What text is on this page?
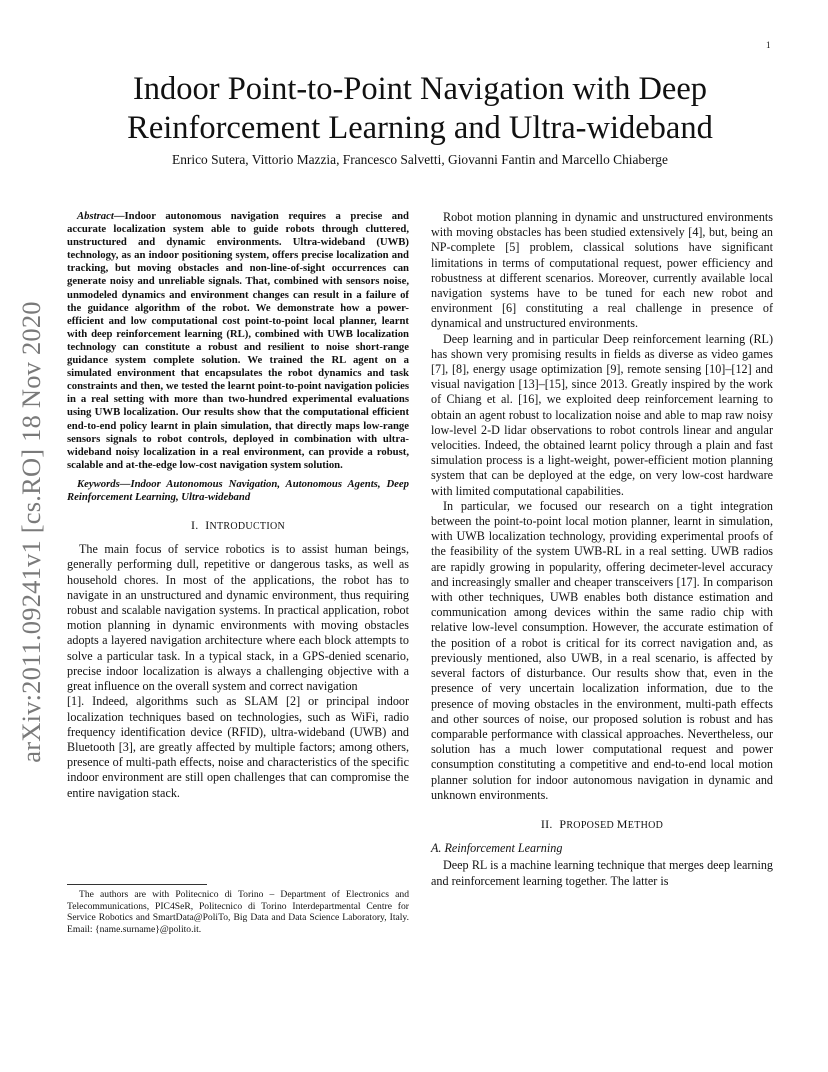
1
arXiv:2011.09241v1 [cs.RO] 18 Nov 2020
Indoor Point-to-Point Navigation with Deep Reinforcement Learning and Ultra-wideband
Enrico Sutera, Vittorio Mazzia, Francesco Salvetti, Giovanni Fantin and Marcello Chiaberge

Abstract—Indoor autonomous navigation requires a precise and accurate localization system able to guide robots through cluttered, unstructured and dynamic environments. Ultra-wideband (UWB) technology, as an indoor positioning system, offers precise localization and tracking, but moving obstacles and non-line-of-sight occurrences can generate noisy and unreliable signals. That, combined with sensors noise, unmodeled dynamics and environment changes can result in a failure of the guidance algorithm of the robot. We demonstrate how a power-efficient and low computational cost point-to-point local planner, learnt with deep reinforcement learning (RL), combined with UWB localization technology can constitute a robust and resilient to noise short-range guidance system complete solution. We trained the RL agent on a simulated environment that encapsulates the robot dynamics and task constraints and then, we tested the learnt point-to-point navigation policies in a real setting with more than two-hundred experimental evaluations using UWB localization. Our results show that the computational efficient end-to-end policy learnt in plain simulation, that directly maps low-range sensors signals to robot controls, deployed in combination with ultra-wideband noisy localization in a real environment, can provide a robust, scalable and at-the-edge low-cost navigation system solution.

Keywords—Indoor Autonomous Navigation, Autonomous Agents, Deep Reinforcement Learning, Ultra-wideband

I. INTRODUCTION

The main focus of service robotics is to assist human beings, generally performing dull, repetitive or dangerous tasks, as well as household chores. In most of the applications, the robot has to navigate in an unstructured and dynamic environment, thus requiring robust and scalable navigation systems. In practical application, robot motion planning in dynamic environments with moving obstacles adopts a layered navigation architecture where each block attempts to solve a particular task. In a typical stack, in a GPS-denied scenario, precise indoor localization is always a challenging objective with a great influence on the overall system and correct navigation

[1]. Indeed, algorithms such as SLAM [2] or principal indoor localization techniques based on technologies, such as WiFi, radio frequency identification device (RFID), ultra-wideband (UWB) and Bluetooth [3], are greatly affected by multiple factors; among others, presence of multi-path effects, noise and characteristics of the specific indoor environment are still open challenges that can compromise the entire navigation stack.

The authors are with Politecnico di Torino – Department of Electronics and Telecommunications, PIC4SeR, Politecnico di Torino Interdepartmental Centre for Service Robotics and SmartData@PoliTo, Big Data and Data Science Laboratory, Italy. Email: {name.surname}@polito.it.

Robot motion planning in dynamic and unstructured environments with moving obstacles has been studied extensively [4], but, being an NP-complete [5] problem, classical solutions have significant limitations in terms of computational request, power efficiency and robustness at different scenarios. Moreover, currently available local navigation systems have to be tuned for each new robot and environment [6] constituting a real challenge in presence of dynamical and unstructured environments.

Deep learning and in particular Deep reinforcement learning (RL) has shown very promising results in fields as diverse as video games [7], [8], energy usage optimization [9], remote sensing [10]–[12] and visual navigation [13]–[15], since 2013. Greatly inspired by the work of Chiang et al. [16], we exploited deep reinforcement learning to obtain an agent robust to localization noise and able to map raw noisy low-level 2-D lidar observations to robot controls linear and angular velocities. Indeed, the obtained learnt policy through a plain and fast simulation process is a light-weight, power-efficient motion planning system that can be deployed at the edge, on very low-cost hardware with limited computational capabilities.

In particular, we focused our research on a tight integration between the point-to-point local motion planner, learnt in simulation, with UWB localization technology, providing experimental proofs of the feasibility of the system UWB-RL in a real setting. UWB radios are rapidly growing in popularity, offering decimeter-level accuracy and increasingly smaller and cheaper transceivers [17]. In comparison with other techniques, UWB enables both distance estimation and communication among devices within the same radio chip with relative low-level consumption. However, the accurate estimation of the position of a robot is critical for its correct navigation and, as previously mentioned, also UWB, in a real scenario, is affected by several factors of disturbance. Our results show that, even in the presence of very uncertain localization information, due to the presence of moving obstacles in the environment, multi-path effects and other sources of noise, our proposed solution is robust and has comparable performance with classical approaches. Nevertheless, our solution has a much lower computational request and power consumption constituting a competitive and end-to-end local motion planner solution for indoor autonomous navigation in dynamic and unknown environments.

II. PROPOSED METHOD
A. Reinforcement Learning

Deep RL is a machine learning technique that merges deep learning and reinforcement learning together. The latter is
